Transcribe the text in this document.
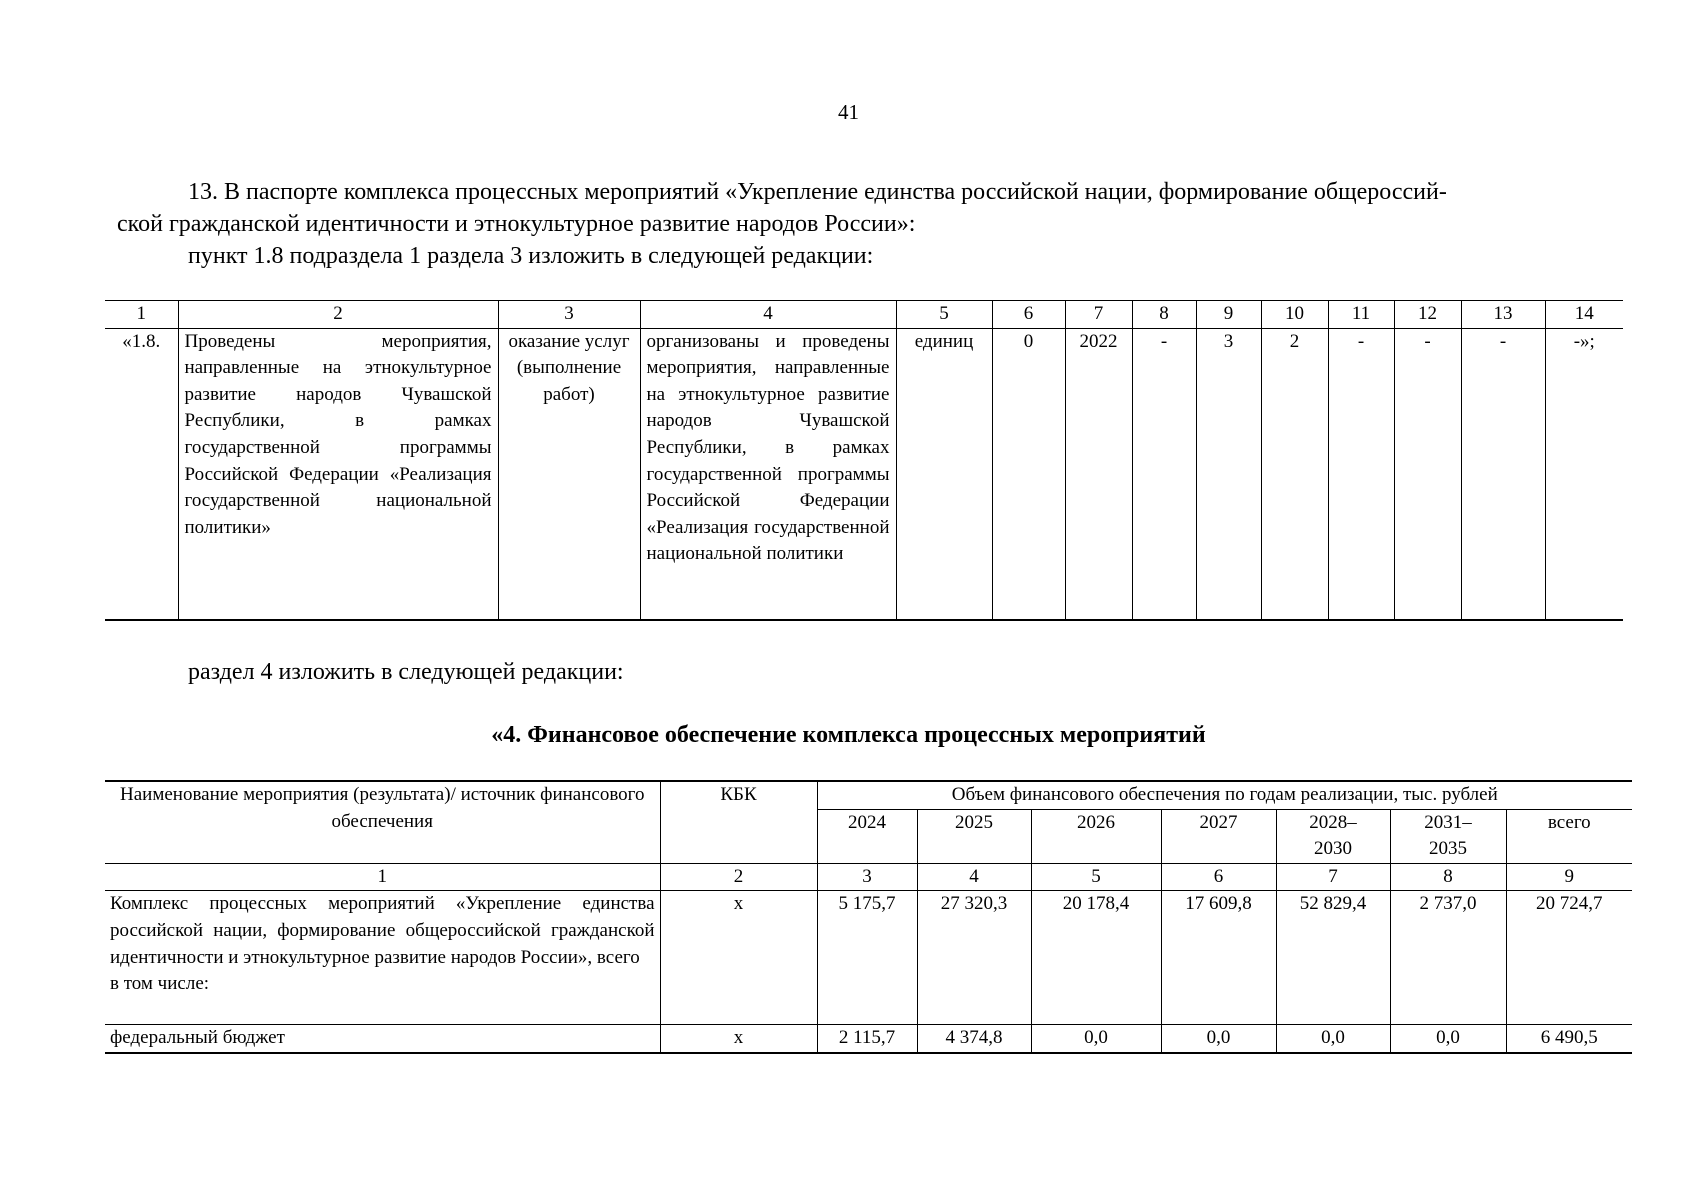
41
13. В паспорте комплекса процессных мероприятий «Укрепление единства российской нации, формирование общероссий-
ской гражданской идентичности и этнокультурное развитие народов России»:
пункт 1.8 подраздела 1 раздела 3 изложить в следующей редакции:
1	2	3	4	5	6	7	8	9	10	11	12	13	14
«1.8.	Проведены мероприятия, направленные на этнокультурное развитие народов Чувашской Республики, в рамках государственной программы Российской Федерации «Реализация государственной национальной политики»	оказание услуг (выполнение работ)	организованы и проведены мероприятия, направленные на этнокультурное развитие народов Чувашской Республики, в рамках государственной программы Российской Федерации «Реализация государственной национальной политики	единиц	0	2022	-	3	2	-	-	-	-»;
раздел 4 изложить в следующей редакции:
«4. Финансовое обеспечение комплекса процессных мероприятий
Наименование мероприятия (результата)/ источник финансового обеспечения	КБК	Объем финансового обеспечения по годам реализации, тыс. рублей						
		2024	2025	2026	2027	2028–2030	2031–2035	всего
1	2	3	4	5	6	7	8	9

Комплекс процессных мероприятий «Укрепление единства российской нации, формирование общероссийской гражданской идентичности и этнокультурное развитие народов России», всего
в том числе:	х	5 175,7	27 320,3	20 178,4	17 609,8	52 829,4	2 737,0	20 724,7
федеральный бюджет	х	2 115,7	4 374,8	0,0	0,0	0,0	0,0	6 490,5
